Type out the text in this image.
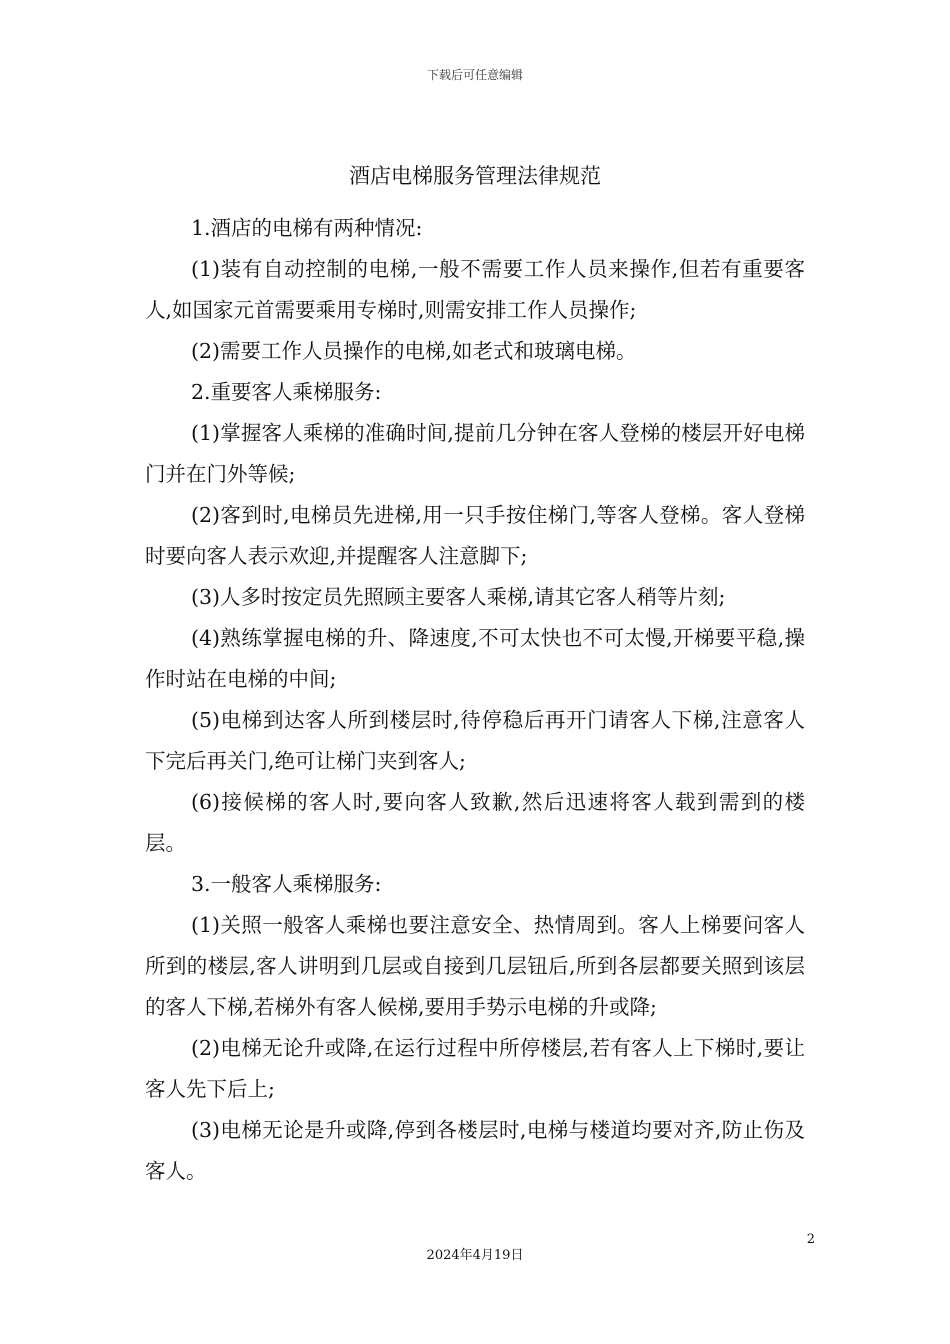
下载后可任意编辑
酒店电梯服务管理法律规范

1.酒店的电梯有两种情况:

(1)装有自动控制的电梯,一般不需要工作人员来操作,但若有重要客人,如国家元首需要乘用专梯时,则需安排工作人员操作;

(2)需要工作人员操作的电梯,如老式和玻璃电梯。

2.重要客人乘梯服务:

(1)掌握客人乘梯的准确时间,提前几分钟在客人登梯的楼层开好电梯门并在门外等候;

(2)客到时,电梯员先进梯,用一只手按住梯门,等客人登梯。客人登梯时要向客人表示欢迎,并提醒客人注意脚下;

(3)人多时按定员先照顾主要客人乘梯,请其它客人稍等片刻;

(4)熟练掌握电梯的升、降速度,不可太快也不可太慢,开梯要平稳,操作时站在电梯的中间;

(5)电梯到达客人所到楼层时,待停稳后再开门请客人下梯,注意客人下完后再关门,绝可让梯门夹到客人;

(6)接候梯的客人时,要向客人致歉,然后迅速将客人载到需到的楼层。

3.一般客人乘梯服务:

(1)关照一般客人乘梯也要注意安全、热情周到。客人上梯要问客人所到的楼层,客人讲明到几层或自接到几层钮后,所到各层都要关照到该层的客人下梯,若梯外有客人候梯,要用手势示电梯的升或降;

(2)电梯无论升或降,在运行过程中所停楼层,若有客人上下梯时,要让客人先下后上;

(3)电梯无论是升或降,停到各楼层时,电梯与楼道均要对齐,防止伤及客人。

2
2024年4月19日
